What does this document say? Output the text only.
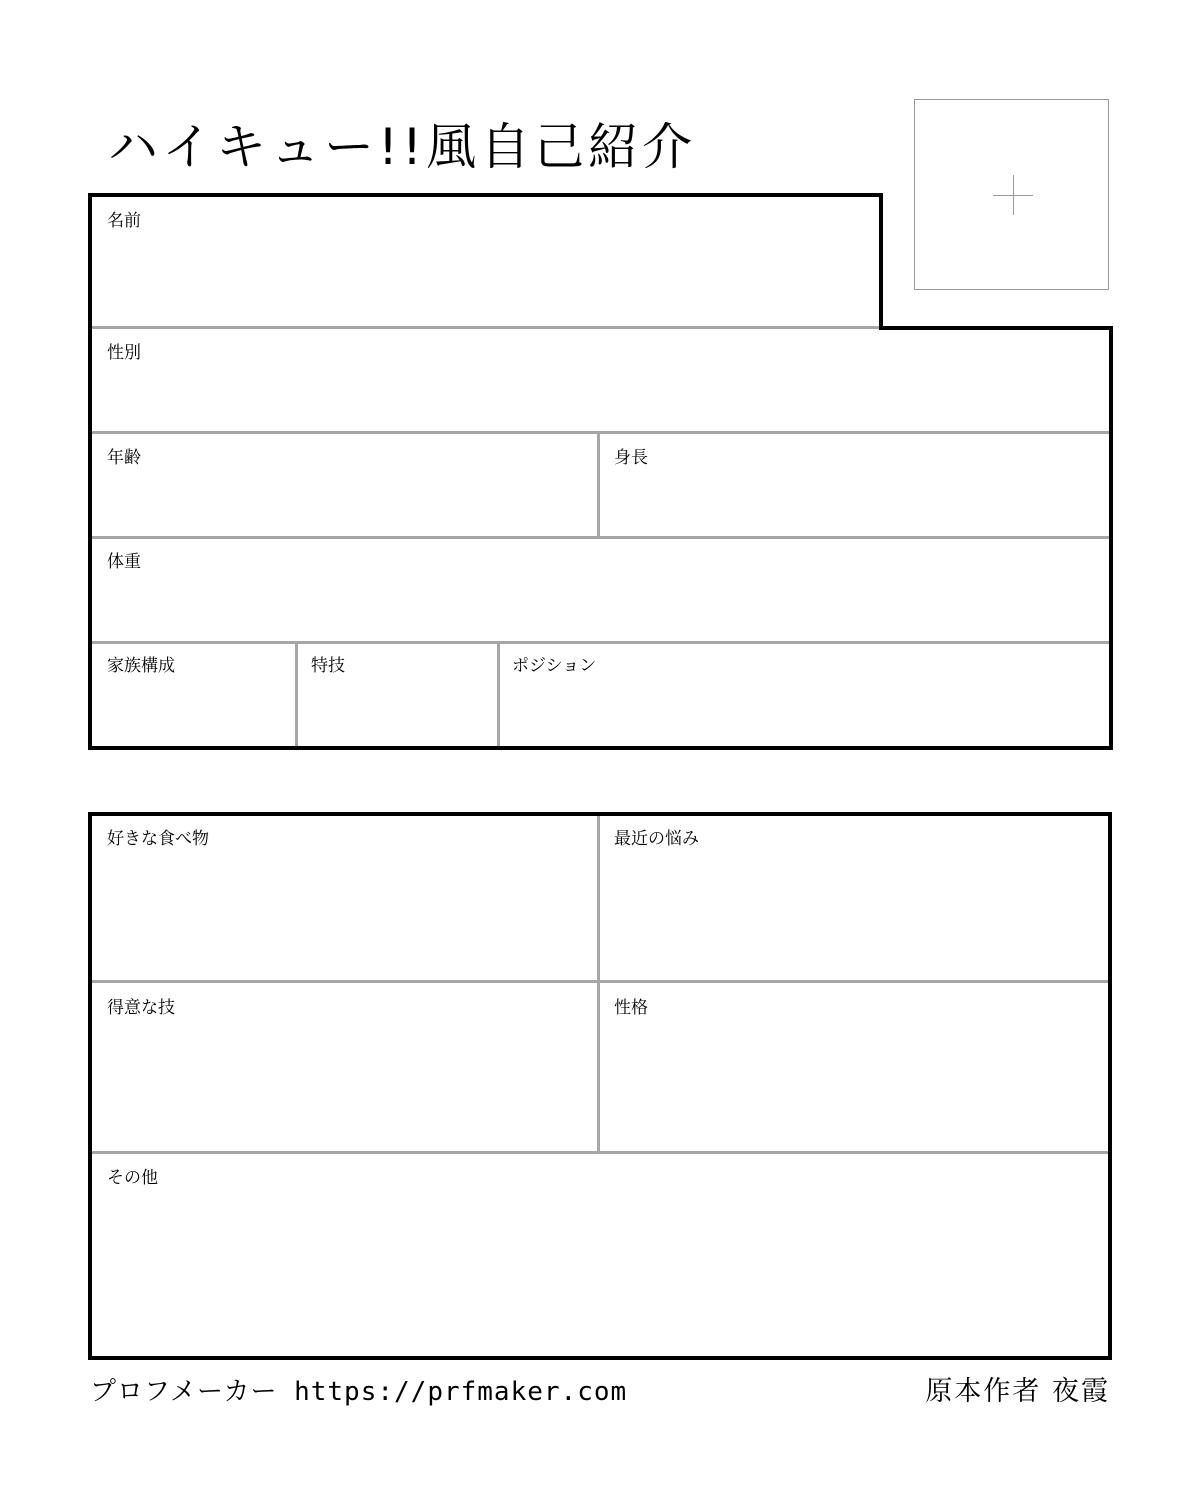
ハイキュー!!風自己紹介
名前
性別
年齢	身長
体重
家族構成	特技	ポジション
好きな食べ物	最近の悩み
得意な技	性格
その他
プロフメーカー https://prfmaker.com	原本作者 夜霞
